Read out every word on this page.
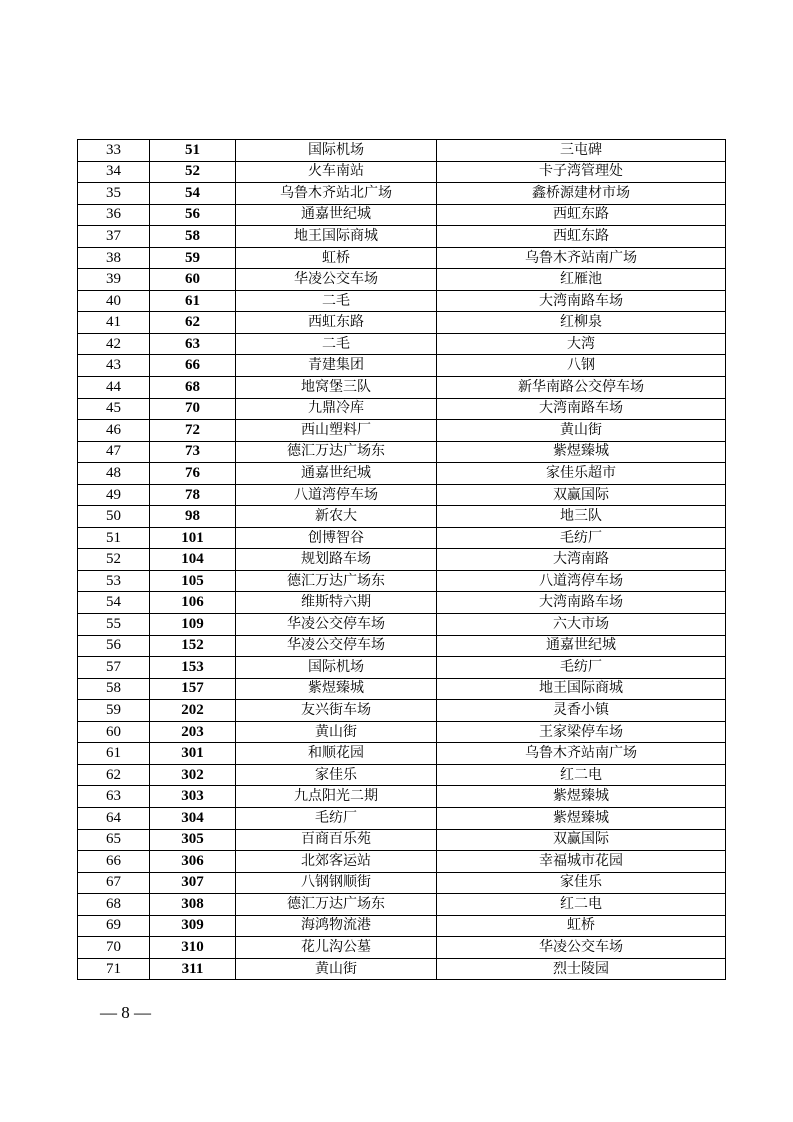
33	51	国际机场	三屯碑
34	52	火车南站	卡子湾管理处
35	54	乌鲁木齐站北广场	鑫桥源建材市场
36	56	通嘉世纪城	西虹东路
37	58	地王国际商城	西虹东路
38	59	虹桥	乌鲁木齐站南广场
39	60	华凌公交车场	红雁池
40	61	二毛	大湾南路车场
41	62	西虹东路	红柳泉
42	63	二毛	大湾
43	66	青建集团	八钢
44	68	地窝堡三队	新华南路公交停车场
45	70	九鼎冷库	大湾南路车场
46	72	西山塑料厂	黄山街
47	73	德汇万达广场东	紫煜臻城
48	76	通嘉世纪城	家佳乐超市
49	78	八道湾停车场	双赢国际
50	98	新农大	地三队
51	101	创博智谷	毛纺厂
52	104	规划路车场	大湾南路
53	105	德汇万达广场东	八道湾停车场
54	106	维斯特六期	大湾南路车场
55	109	华凌公交停车场	六大市场
56	152	华凌公交停车场	通嘉世纪城
57	153	国际机场	毛纺厂
58	157	紫煜臻城	地王国际商城
59	202	友兴街车场	灵香小镇
60	203	黄山街	王家梁停车场
61	301	和顺花园	乌鲁木齐站南广场
62	302	家佳乐	红二电
63	303	九点阳光二期	紫煜臻城
64	304	毛纺厂	紫煜臻城
65	305	百商百乐苑	双赢国际
66	306	北郊客运站	幸福城市花园
67	307	八钢钢顺街	家佳乐
68	308	德汇万达广场东	红二电
69	309	海鸿物流港	虹桥
70	310	花儿沟公墓	华凌公交车场
71	311	黄山街	烈士陵园
— 8 —
